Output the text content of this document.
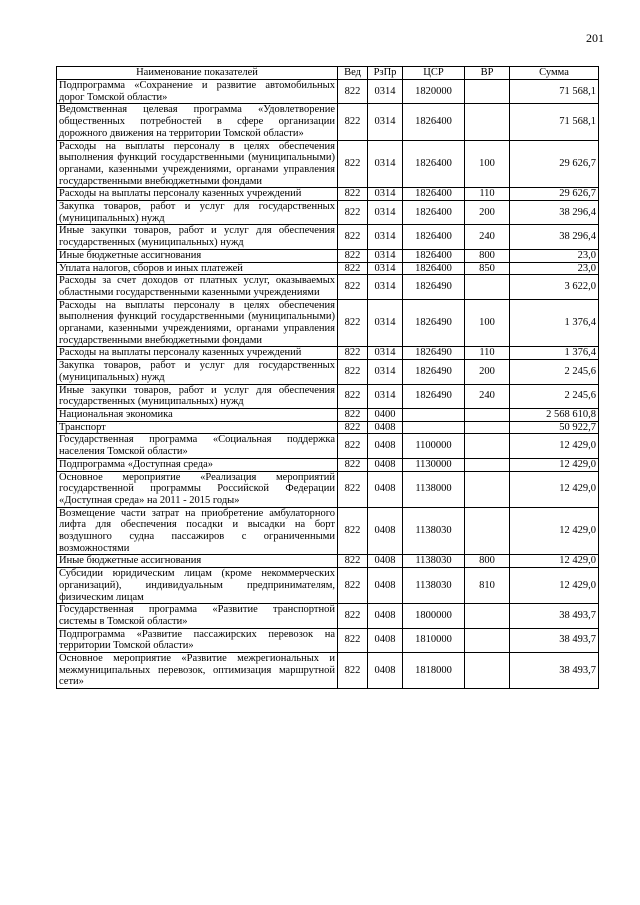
201
Наименование показателей	Вед	РзПр	ЦСР	ВР	Сумма
Подпрограмма «Сохранение и развитие автомобильных дорог Томской области»	822	0314	1820000		71 568,1
Ведомственная целевая программа «Удовлетворение общественных потребностей в сфере организации дорожного движения на территории Томской области»	822	0314	1826400		71 568,1
Расходы на выплаты персоналу в целях обеспечения выполнения функций государственными (муниципальными) органами, казенными учреждениями, органами управления государственными внебюджетными фондами	822	0314	1826400	100	29 626,7
Расходы на выплаты персоналу казенных учреждений	822	0314	1826400	110	29 626,7
Закупка товаров, работ и услуг для государственных (муниципальных) нужд	822	0314	1826400	200	38 296,4
Иные закупки товаров, работ и услуг для обеспечения государственных (муниципальных) нужд	822	0314	1826400	240	38 296,4
Иные бюджетные ассигнования	822	0314	1826400	800	23,0
Уплата налогов, сборов и иных платежей	822	0314	1826400	850	23,0
Расходы за счет доходов от платных услуг, оказываемых областными государственными казенными учреждениями	822	0314	1826490		3 622,0
Расходы на выплаты персоналу в целях обеспечения выполнения функций государственными (муниципальными) органами, казенными учреждениями, органами управления государственными внебюджетными фондами	822	0314	1826490	100	1 376,4
Расходы на выплаты персоналу казенных учреждений	822	0314	1826490	110	1 376,4
Закупка товаров, работ и услуг для государственных (муниципальных) нужд	822	0314	1826490	200	2 245,6
Иные закупки товаров, работ и услуг для обеспечения государственных (муниципальных) нужд	822	0314	1826490	240	2 245,6
Национальная экономика	822	0400			2 568 610,8
Транспорт	822	0408			50 922,7
Государственная программа «Социальная поддержка населения Томской области»	822	0408	1100000		12 429,0
Подпрограмма «Доступная среда»	822	0408	1130000		12 429,0
Основное мероприятие «Реализация мероприятий государственной программы Российской Федерации «Доступная среда» на 2011 - 2015 годы»	822	0408	1138000		12 429,0
Возмещение части затрат на приобретение амбулаторного лифта для обеспечения посадки и высадки на борт воздушного судна пассажиров с ограниченными возможностями	822	0408	1138030		12 429,0
Иные бюджетные ассигнования	822	0408	1138030	800	12 429,0
Субсидии юридическим лицам (кроме некоммерческих организаций), индивидуальным предпринимателям, физическим лицам	822	0408	1138030	810	12 429,0
Государственная программа «Развитие транспортной системы в Томской области»	822	0408	1800000		38 493,7
Подпрограмма «Развитие пассажирских перевозок на территории Томской области»	822	0408	1810000		38 493,7
Основное мероприятие «Развитие межрегиональных и межмуниципальных перевозок, оптимизация маршрутной сети»	822	0408	1818000		38 493,7
